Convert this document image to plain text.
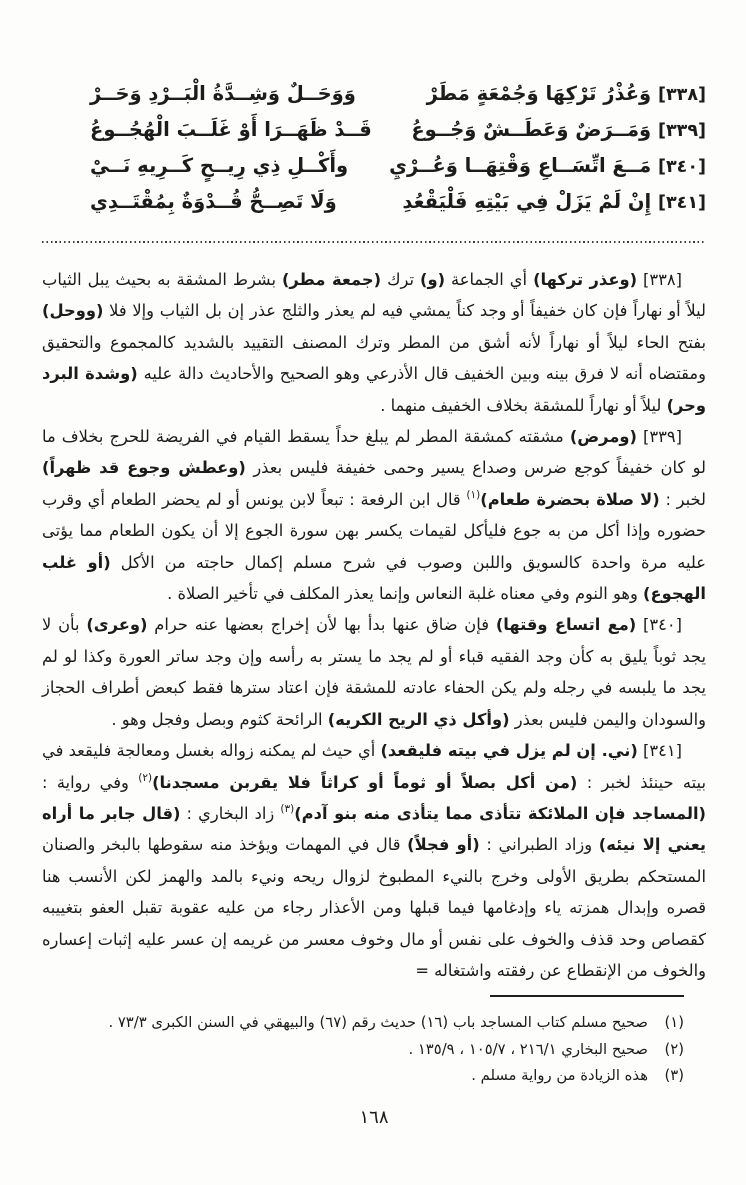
[٣٣٨] وَعُذْرُ تَرْكِهَا وَجُمْعَةٍ مَطَرْ
وَوَحَــلٌ وَشِــدَّةُ الْبَــرْدِ وَحَــرْ
[٣٣٩] وَمَــرَضٌ وَعَطَــشٌ وَجُــوعُ
قَــدْ ظَهَــرَا أَوْ غَلَــبَ الْهُجُــوعُ
[٣٤٠] مَــعَ اتِّسَــاعِ وَقْتِهَــا وَعُــرْيِ
وأَكْــلِ ذِي رِيــحٍ كَــرِيهِ نَــيْ
[٣٤١] إِنْ لَمْ يَزَلْ فِي بَيْتِهِ فَلْيَقْعُدِ
وَلَا تَصِــحُّ قُــدْوَةٌ بِمُقْتَــدِي

[٣٣٨] (وعذر تركها) أي الجماعة (و) ترك (جمعة مطر) بشرط المشقة به بحيث يبل الثياب ليلاً أو نهاراً فإن كان خفيفاً أو وجد كناً يمشي فيه لم يعذر والثلج عذر إن بل الثياب وإلا فلا (ووحل) بفتح الحاء ليلاً أو نهاراً لأنه أشق من المطر وترك المصنف التقييد بالشديد كالمجموع والتحقيق ومقتضاه أنه لا فرق بينه وبين الخفيف قال الأذرعي وهو الصحيح والأحاديث دالة عليه (وشدة البرد وحر) ليلاً أو نهاراً للمشقة بخلاف الخفيف منهما .

[٣٣٩] (ومرض) مشقته كمشقة المطر لم يبلغ حداً يسقط القيام في الفريضة للحرج بخلاف ما لو كان خفيفاً كوجع ضرس وصداع يسير وحمى خفيفة فليس بعذر (وعطش وجوع قد ظهراً) لخبر : (لا صلاة بحضرة طعام)$^{(١)}$ قال ابن الرفعة : تبعاً لابن يونس أو لم يحضر الطعام أي وقرب حضوره وإذا أكل من به جوع فليأكل لقيمات يكسر بهن سورة الجوع إلا أن يكون الطعام مما يؤتى عليه مرة واحدة كالسويق واللبن وصوب في شرح مسلم إكمال حاجته من الأكل (أو غلب الهجوع) وهو النوم وفي معناه غلبة النعاس وإنما يعذر المكلف في تأخير الصلاة .

[٣٤٠] (مع اتساع وقتها) فإن ضاق عنها بدأ بها لأن إخراج بعضها عنه حرام (وعرى) بأن لا يجد ثوباً يليق به كأن وجد الفقيه قباء أو لم يجد ما يستر به رأسه وإن وجد ساتر العورة وكذا لو لم يجد ما يلبسه في رجله ولم يكن الحفاء عادته للمشقة فإن اعتاد سترها فقط كبعض أطراف الحجاز والسودان واليمن فليس بعذر (وأكل ذي الريح الكريه) الرائحة كثوم وبصل وفجل وهو .

[٣٤١] (ني. إن لم يزل في بيته فليقعد) أي حيث لم يمكنه زواله بغسل ومعالجة فليقعد في بيته حينئذ لخبر : (من أكل بصلاً أو ثوماً أو كراثاً فلا يقربن مسجدنا)$^{(٢)}$ وفي رواية : (المساجد فإن الملائكة تتأذى مما يتأذى منه بنو آدم)$^{(٣)}$ زاد البخاري : (قال جابر ما أراه يعني إلا نيئه) وزاد الطبراني : (أو فجلاً) قال في المهمات ويؤخذ منه سقوطها بالبخر والصنان المستحكم بطريق الأولى وخرج بالنيء المطبوخ لزوال ريحه ونيء بالمد والهمز لكن الأنسب هنا قصره وإبدال همزته ياء وإدغامها فيما قبلها ومن الأعذار رجاء من عليه عقوبة تقبل العفو بتغييبه كقصاص وحد قذف والخوف على نفس أو مال وخوف معسر من غريمه إن عسر عليه إثبات إعساره والخوف من الإنقطاع عن رفقته واشتغاله =

(١)
صحيح مسلم كتاب المساجد باب (١٦) حديث رقم (٦٧) والبيهقي في السنن الكبرى ٧٣/٣ .
(٢)
صحيح البخاري ٢١٦/١ ، ١٠٥/٧ ، ١٣٥/٩ .
(٣)
هذه الزيادة من رواية مسلم .
١٦٨
